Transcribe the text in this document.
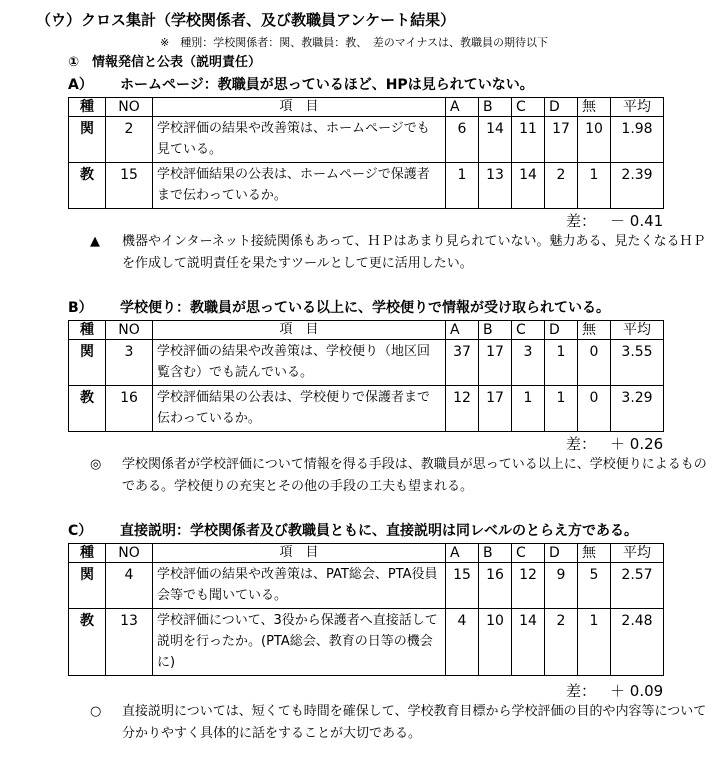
（ウ）クロス集計（学校関係者、及び教職員アンケート結果）
※　種別：学校関係者：関、教職員：教、　差のマイナスは、教職員の期待以下
①　情報発信と公表（説明責任）
A） ホームページ：教職員が思っているほど、HPは見られていない。
種	NO	項　目	A	B	C	D	無	平均
関	2	学校評価の結果や改善策は、ホームページでも見ている。	6	14	11	17	10	1.98
教	15	学校評価結果の公表は、ホームページで保護者まで伝わっているか。	1	13	14	2	1	2.39
差： － 0.41
▲ 機器やインターネット接続関係もあって、ＨＰはあまり見られていない。魅力ある、見たくなるＨＰを作成して説明責任を果たすツールとして更に活用したい。
B） 学校便り：教職員が思っている以上に、学校便りで情報が受け取られている。
種	NO	項　目	A	B	C	D	無	平均
関	3	学校評価の結果や改善策は、学校便り（地区回覧含む）でも読んでいる。	37	17	3	1	0	3.55
教	16	学校評価結果の公表は、学校便りで保護者まで伝わっているか。	12	17	1	1	0	3.29
差： ＋ 0.26
◎ 学校関係者が学校評価について情報を得る手段は、教職員が思っている以上に、学校便りによるものである。学校便りの充実とその他の手段の工夫も望まれる。
C） 直接説明：学校関係者及び教職員ともに、直接説明は同レベルのとらえ方である。
種	NO	項　目	A	B	C	D	無	平均
関	4	学校評価の結果や改善策は、PAT総会、PTA役員会等でも聞いている。	15	16	12	9	5	2.57
教	13	学校評価について、3役から保護者へ直接話して説明を行ったか。(PTA総会、教育の日等の機会に)	4	10	14	2	1	2.48
差： ＋ 0.09
○ 直接説明については、短くても時間を確保して、学校教育目標から学校評価の目的や内容等について分かりやすく具体的に話をすることが大切である。
